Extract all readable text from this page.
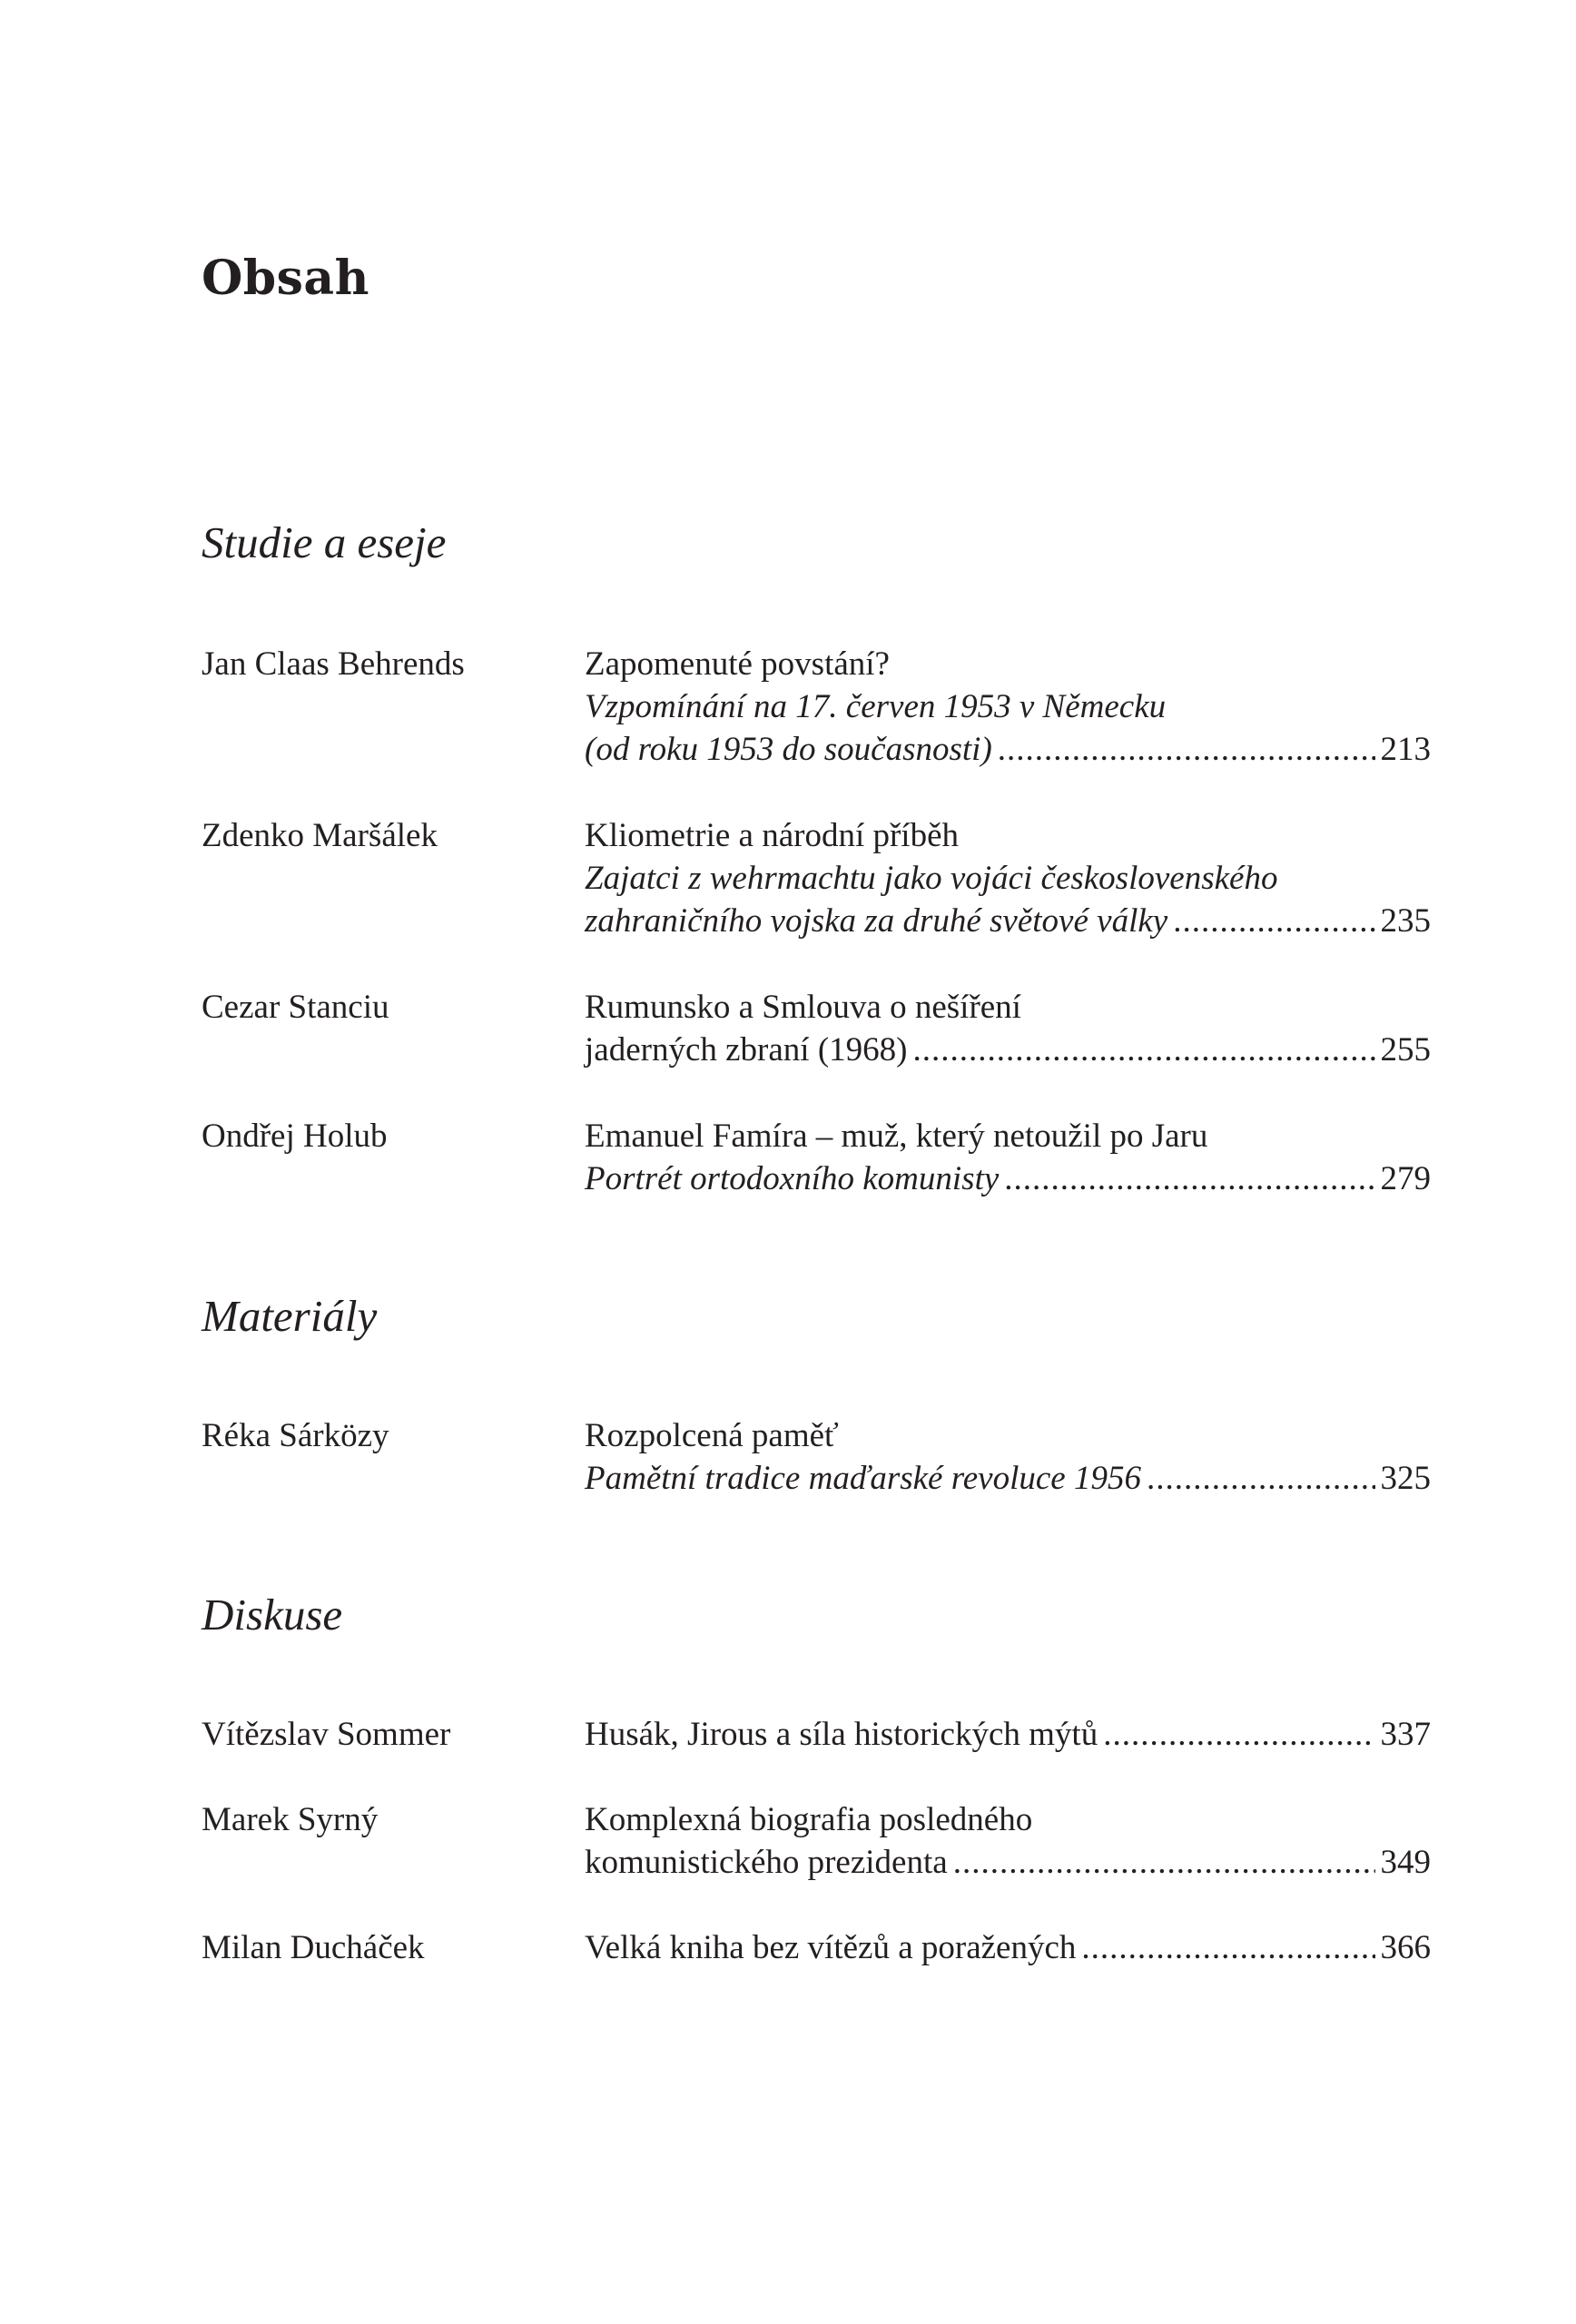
Obsah
Studie a eseje
Jan Claas Behrends	Zapomenuté povstání?
Vzpomínání na 17. červen 1953 v Německu
(od roku 1953 do současnosti) .....	213
Zdenko Maršálek	Kliometrie a národní příběh
Zajatci z wehrmachtu jako vojáci československého
zahraničního vojska za druhé světové války .....	235
Cezar Stanciu	Rumunsko a Smlouva o nešíření
jaderných zbraní (1968) .....	255
Ondřej Holub	Emanuel Famíra – muž, který netoužil po Jaru
Portrét ortodoxního komunisty .....	279
Materiály
Réka Sárközy	Rozpolcená paměť
Pamětní tradice maďarské revoluce 1956 .....	325
Diskuse
Vítězslav Sommer	Husák, Jirous a síla historických mýtů .....	337
Marek Syrný	Komplexná biografia posledného
komunistického prezidenta .....	349
Milan Ducháček	Velká kniha bez vítězů a poražených .....	366
